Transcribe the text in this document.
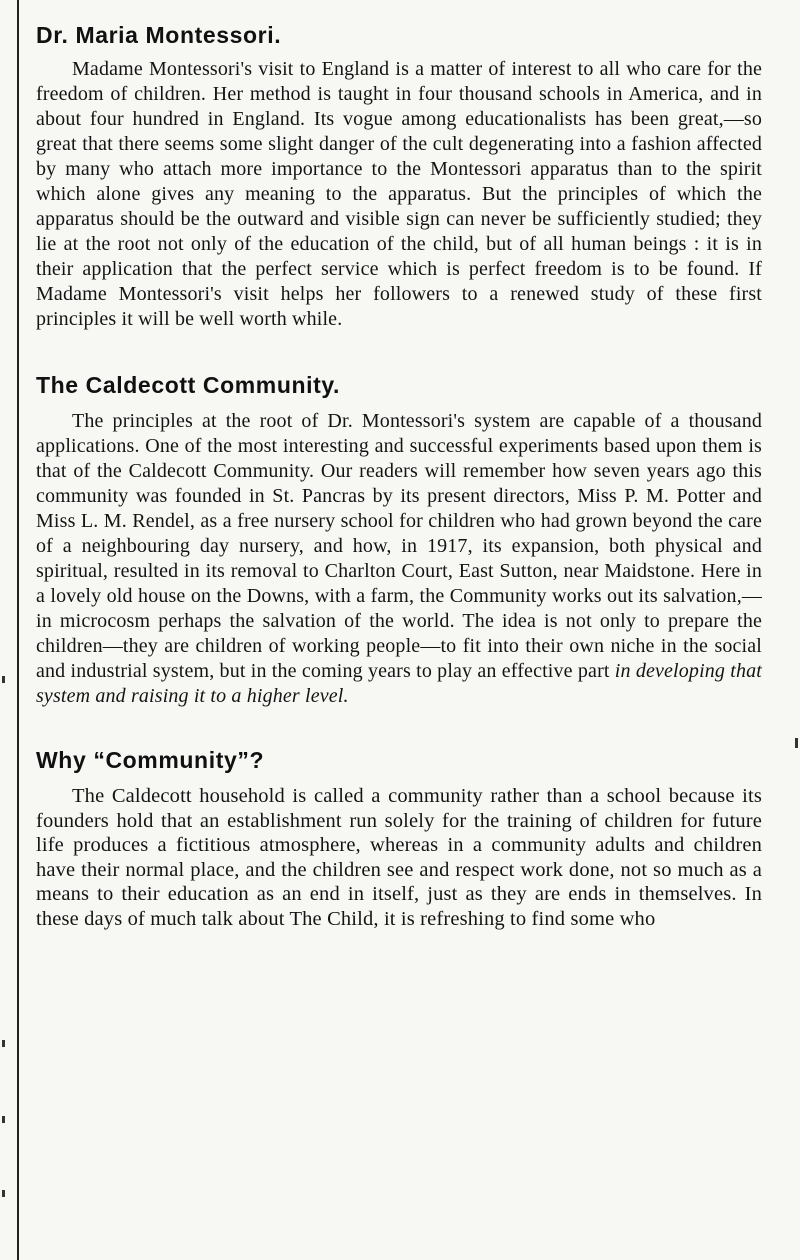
Dr. Maria Montessori.

Madame Montessori's visit to England is a matter of interest to all who care for the freedom of children. Her method is taught in four thousand schools in America, and in about four hundred in England. Its vogue among educationalists has been great,—so great that there seems some slight danger of the cult degenerating into a fashion affected by many who attach more importance to the Montessori apparatus than to the spirit which alone gives any meaning to the apparatus. But the principles of which the apparatus should be the outward and visible sign can never be sufficiently studied; they lie at the root not only of the education of the child, but of all human beings : it is in their application that the perfect service which is perfect freedom is to be found. If Madame Montessori's visit helps her followers to a renewed study of these first principles it will be well worth while.

The Caldecott Community.

The principles at the root of Dr. Montessori's system are capable of a thousand applications. One of the most interesting and successful experiments based upon them is that of the Caldecott Community. Our readers will remember how seven years ago this community was founded in St. Pancras by its present directors, Miss P. M. Potter and Miss L. M. Rendel, as a free nursery school for children who had grown beyond the care of a neighbouring day nursery, and how, in 1917, its expansion, both physical and spiritual, resulted in its removal to Charlton Court, East Sutton, near Maidstone. Here in a lovely old house on the Downs, with a farm, the Community works out its salvation,—in microcosm perhaps the salvation of the world. The idea is not only to prepare the children—they are children of working people—to fit into their own niche in the social and industrial system, but in the coming years to play an effective part in developing that system and raising it to a higher level.

Why “Community”?

The Caldecott household is called a community rather than a school because its founders hold that an establishment run solely for the training of children for future life produces a fictitious atmosphere, whereas in a community adults and children have their normal place, and the children see and respect work done, not so much as a means to their education as an end in itself, just as they are ends in themselves. In these days of much talk about The Child, it is refreshing to find some who
